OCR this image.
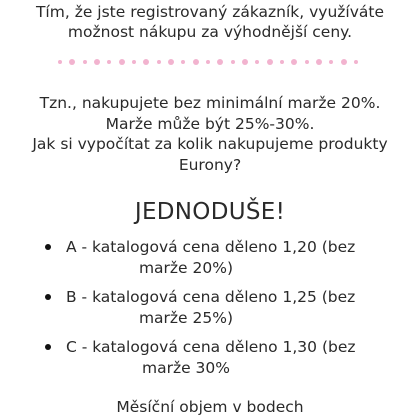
Tím, že jste registrovaný zákazník, využíváte
možnost nákupu za výhodnější ceny.
Tzn., nakupujete bez minimální marže 20%.
Marže může být 25%-30%.
Jak si vypočítat za kolik nakupujeme produkty
Eurony?
JEDNODUŠE!
A - katalogová cena děleno 1,20 (bez
marže 20%)
B - katalogová cena děleno 1,25 (bez
marže 25%)
C - katalogová cena děleno 1,30 (bez
marže 30%
Měsíční objem v bodech
